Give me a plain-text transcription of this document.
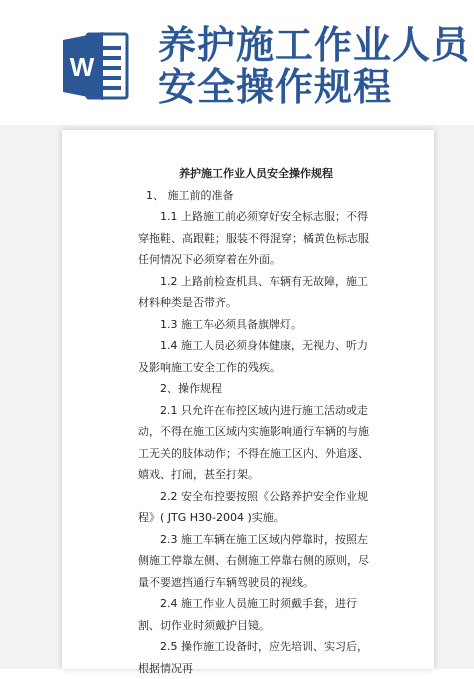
W 养护施工作业人员
安全操作规程
养护施工作业人员安全操作规程
1、 施工前的准备
1.1 上路施工前必须穿好安全标志服；不得穿拖鞋、高跟鞋；服装不得混穿；橘黄色标志服任何情况下必须穿着在外面。
1.2 上路前检查机具、车辆有无故障，施工材料种类是否带齐。
1.3 施工车必须具备旗牌灯。
1.4 施工人员必须身体健康，无视力、听力及影响施工安全工作的残疾。
2、操作规程
2.1 只允许在布控区域内进行施工活动或走动，不得在施工区域内实施影响通行车辆的与施工无关的肢体动作；不得在施工区内、外追逐、嬉戏、打闹，甚至打架。
2.2 安全布控要按照《公路养护安全作业规程》( JTG H30-2004 )实施。
2.3 施工车辆在施工区域内停靠时，按照左侧施工停靠左侧、右侧施工停靠右侧的原则，尽量不要遮挡通行车辆驾驶员的视线。
2.4 施工作业人员施工时须戴手套，进行割、切作业时须戴护目镜。
2.5 操作施工设备时，应先培训、实习后，根据情况再
